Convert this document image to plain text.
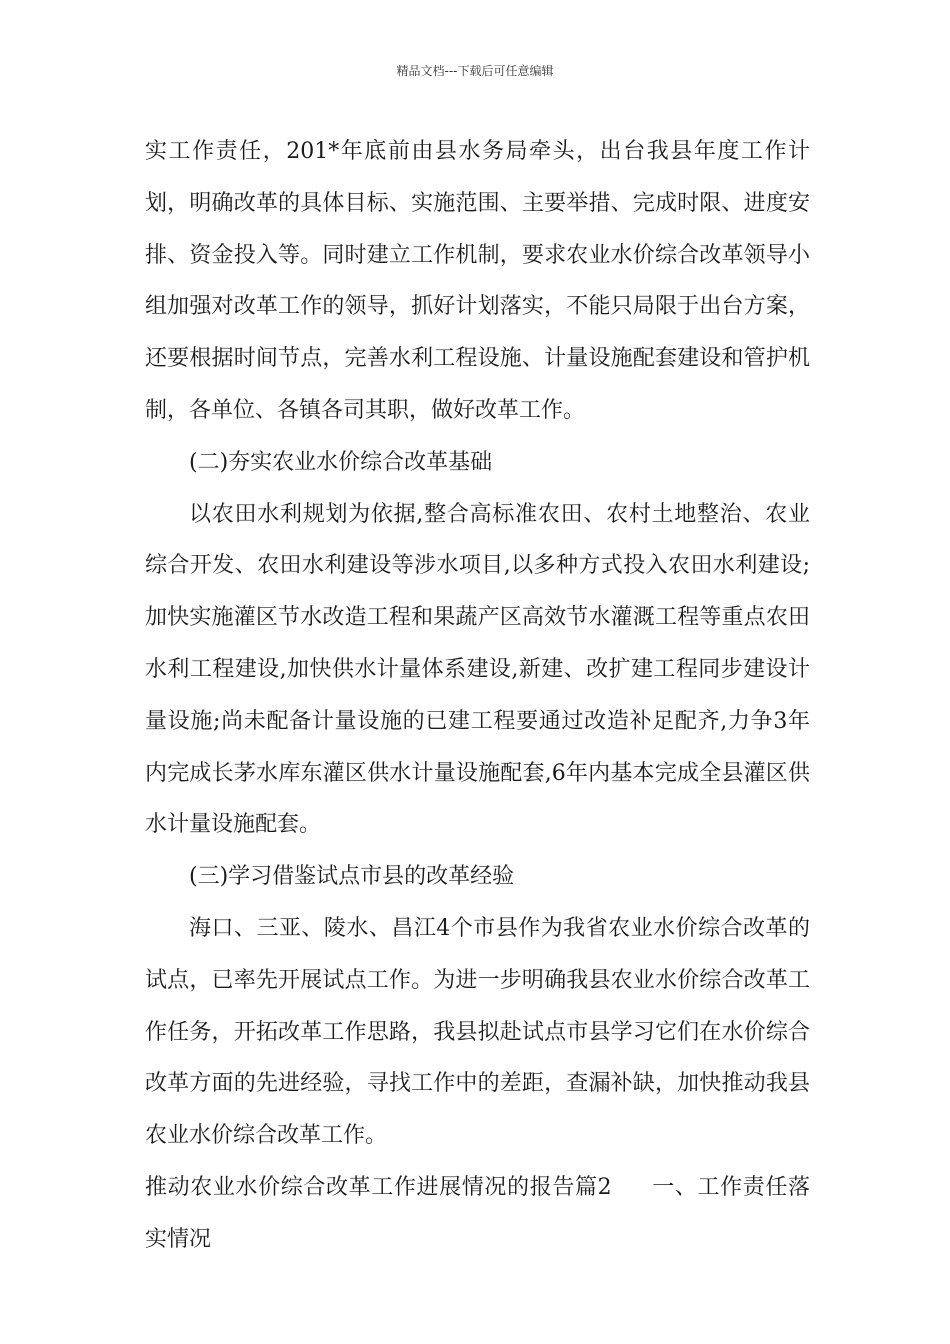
精品文档---下载后可任意编辑

实工作责任，201*年底前由县水务局牵头，出台我县年度工作计划，明确改革的具体目标、实施范围、主要举措、完成时限、进度安排、资金投入等。同时建立工作机制，要求农业水价综合改革领导小组加强对改革工作的领导，抓好计划落实，不能只局限于出台方案，还要根据时间节点，完善水利工程设施、计量设施配套建设和管护机制，各单位、各镇各司其职，做好改革工作。

(二)夯实农业水价综合改革基础

以农田水利规划为依据,整合高标准农田、农村土地整治、农业综合开发、农田水利建设等涉水项目,以多种方式投入农田水利建设;加快实施灌区节水改造工程和果蔬产区高效节水灌溉工程等重点农田水利工程建设,加快供水计量体系建设,新建、改扩建工程同步建设计量设施;尚未配备计量设施的已建工程要通过改造补足配齐,力争3年内完成长茅水库东灌区供水计量设施配套,6年内基本完成全县灌区供水计量设施配套。

(三)学习借鉴试点市县的改革经验

海口、三亚、陵水、昌江4个市县作为我省农业水价综合改革的试点，已率先开展试点工作。为进一步明确我县农业水价综合改革工作任务，开拓改革工作思路，我县拟赴试点市县学习它们在水价综合改革方面的先进经验，寻找工作中的差距，查漏补缺，加快推动我县农业水价综合改革工作。

推动农业水价综合改革工作进展情况的报告篇2 一、工作责任落实情况
